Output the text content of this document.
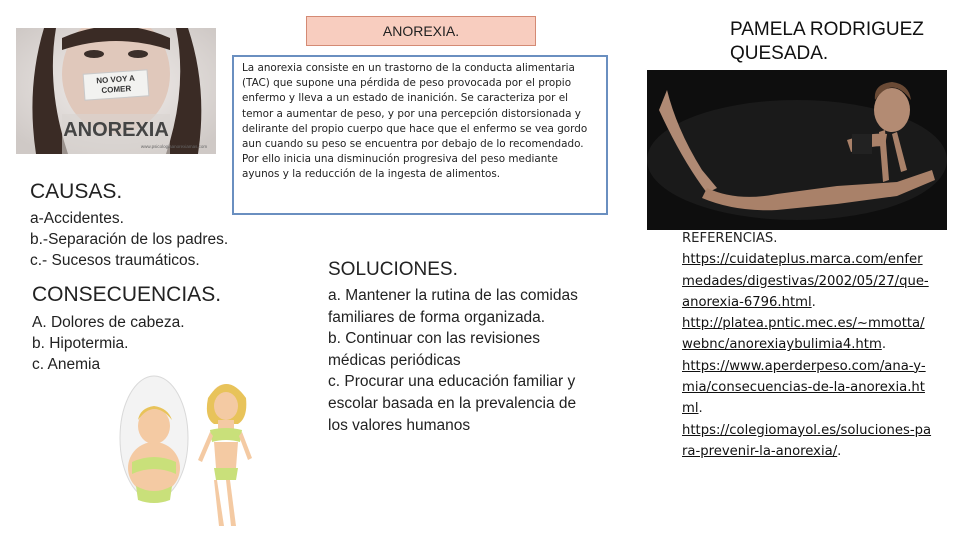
ANOREXIA.	PAMELA RODRIGUEZ QUESADA.
NO VOY ACOMER
ANOREXIA
www.psicologiaanorexiamas.com
La anorexia consiste en un trastorno de la conducta alimentaria (TAC) que supone una pérdida de peso provocada por el propio enfermo y lleva a un estado de inanición. Se caracteriza por el temor a aumentar de peso, y por una percepción distorsionada y delirante del propio cuerpo que hace que el enfermo se vea gordo aun cuando su peso se encuentra por debajo de lo recomendado. Por ello inicia una disminución progresiva del peso mediante ayunos y la reducción de la ingesta de alimentos.
CAUSAS.
a-Accidentes.
b.-Separación de los padres.
c.- Sucesos traumáticos.
CONSECUENCIAS.
A. Dolores de cabeza.
b. Hipotermia.
c. Anemia
SOLUCIONES.
a. Mantener la rutina de las comidas familiares de forma organizada.
b. Continuar con las revisiones médicas periódicas
c. Procurar una educación familiar y escolar basada en la prevalencia de los valores humanos
REFERENCIAS.
https://cuidateplus.marca.com/enfermedades/digestivas/2002/05/27/que-anorexia-6796.html.
http://platea.pntic.mec.es/~mmotta/webnc/anorexiaybulimia4.htm.
https://www.aperderpeso.com/ana-y-mia/consecuencias-de-la-anorexia.html.
https://colegiomayol.es/soluciones-para-prevenir-la-anorexia/.
